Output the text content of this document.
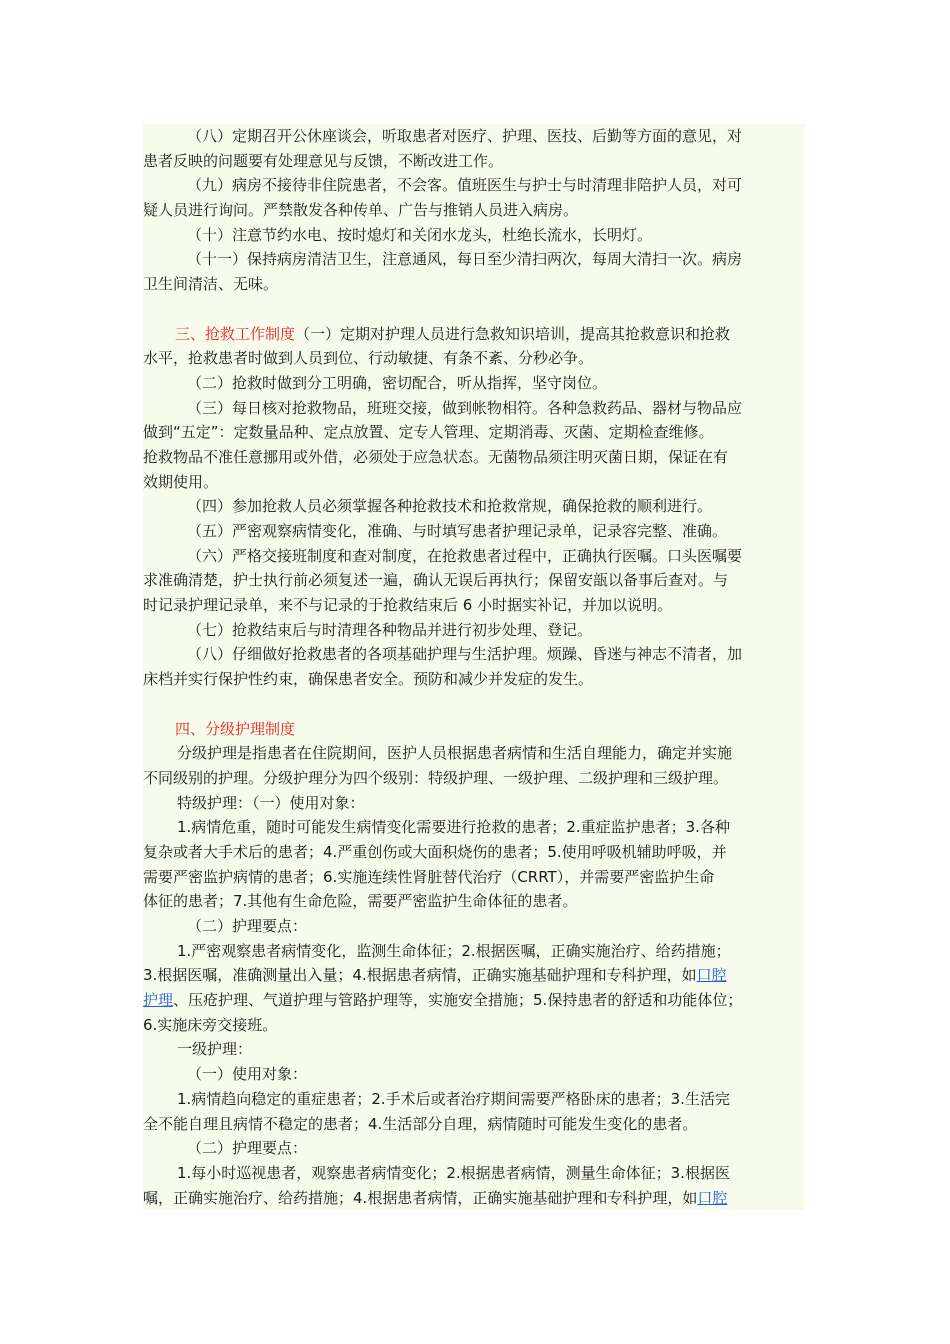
（八）定期召开公休座谈会，听取患者对医疗、护理、医技、后勤等方面的意见，对
患者反映的问题要有处理意见与反馈，不断改进工作。
（九）病房不接待非住院患者，不会客。值班医生与护士与时清理非陪护人员，对可
疑人员进行询问。严禁散发各种传单、广告与推销人员进入病房。
（十）注意节约水电、按时熄灯和关闭水龙头，杜绝长流水，长明灯。
（十一）保持病房清洁卫生，注意通风，每日至少清扫两次，每周大清扫一次。病房
卫生间清洁、无味。
三、抢救工作制度（一）定期对护理人员进行急救知识培训，提高其抢救意识和抢救
水平，抢救患者时做到人员到位、行动敏捷、有条不紊、分秒必争。
（二）抢救时做到分工明确，密切配合，听从指挥，坚守岗位。
（三）每日核对抢救物品，班班交接，做到帐物相符。各种急救药品、器材与物品应
做到“五定”：定数量品种、定点放置、定专人管理、定期消毒、灭菌、定期检查维修。
抢救物品不准任意挪用或外借，必须处于应急状态。无菌物品须注明灭菌日期，保证在有
效期使用。
（四）参加抢救人员必须掌握各种抢救技术和抢救常规，确保抢救的顺利进行。
（五）严密观察病情变化，准确、与时填写患者护理记录单，记录容完整、准确。
（六）严格交接班制度和查对制度，在抢救患者过程中，正确执行医嘱。口头医嘱要
求准确清楚，护士执行前必须复述一遍，确认无误后再执行；保留安瓿以备事后查对。与
时记录护理记录单，来不与记录的于抢救结束后 6 小时据实补记，并加以说明。
（七）抢救结束后与时清理各种物品并进行初步处理、登记。
（八）仔细做好抢救患者的各项基础护理与生活护理。烦躁、昏迷与神志不清者，加
床档并实行保护性约束，确保患者安全。预防和减少并发症的发生。
四、分级护理制度
分级护理是指患者在住院期间，医护人员根据患者病情和生活自理能力，确定并实施
不同级别的护理。分级护理分为四个级别：特级护理、一级护理、二级护理和三级护理。
特级护理：（一）使用对象：
1.病情危重，随时可能发生病情变化需要进行抢救的患者；2.重症监护患者；3.各种
复杂或者大手术后的患者；4.严重创伤或大面积烧伤的患者；5.使用呼吸机辅助呼吸，并
需要严密监护病情的患者；6.实施连续性肾脏替代治疗（CRRT），并需要严密监护生命
体征的患者；7.其他有生命危险，需要严密监护生命体征的患者。
（二）护理要点：
1.严密观察患者病情变化，监测生命体征；2.根据医嘱，正确实施治疗、给药措施；
3.根据医嘱，准确测量出入量；4.根据患者病情，正确实施基础护理和专科护理，如口腔
护理、压疮护理、气道护理与管路护理等，实施安全措施；5.保持患者的舒适和功能体位；
6.实施床旁交接班。
一级护理：
（一）使用对象：
1.病情趋向稳定的重症患者；2.手术后或者治疗期间需要严格卧床的患者；3.生活完
全不能自理且病情不稳定的患者；4.生活部分自理，病情随时可能发生变化的患者。
（二）护理要点：
1.每小时巡视患者，观察患者病情变化；2.根据患者病情，测量生命体征；3.根据医
嘱，正确实施治疗、给药措施；4.根据患者病情，正确实施基础护理和专科护理，如口腔
